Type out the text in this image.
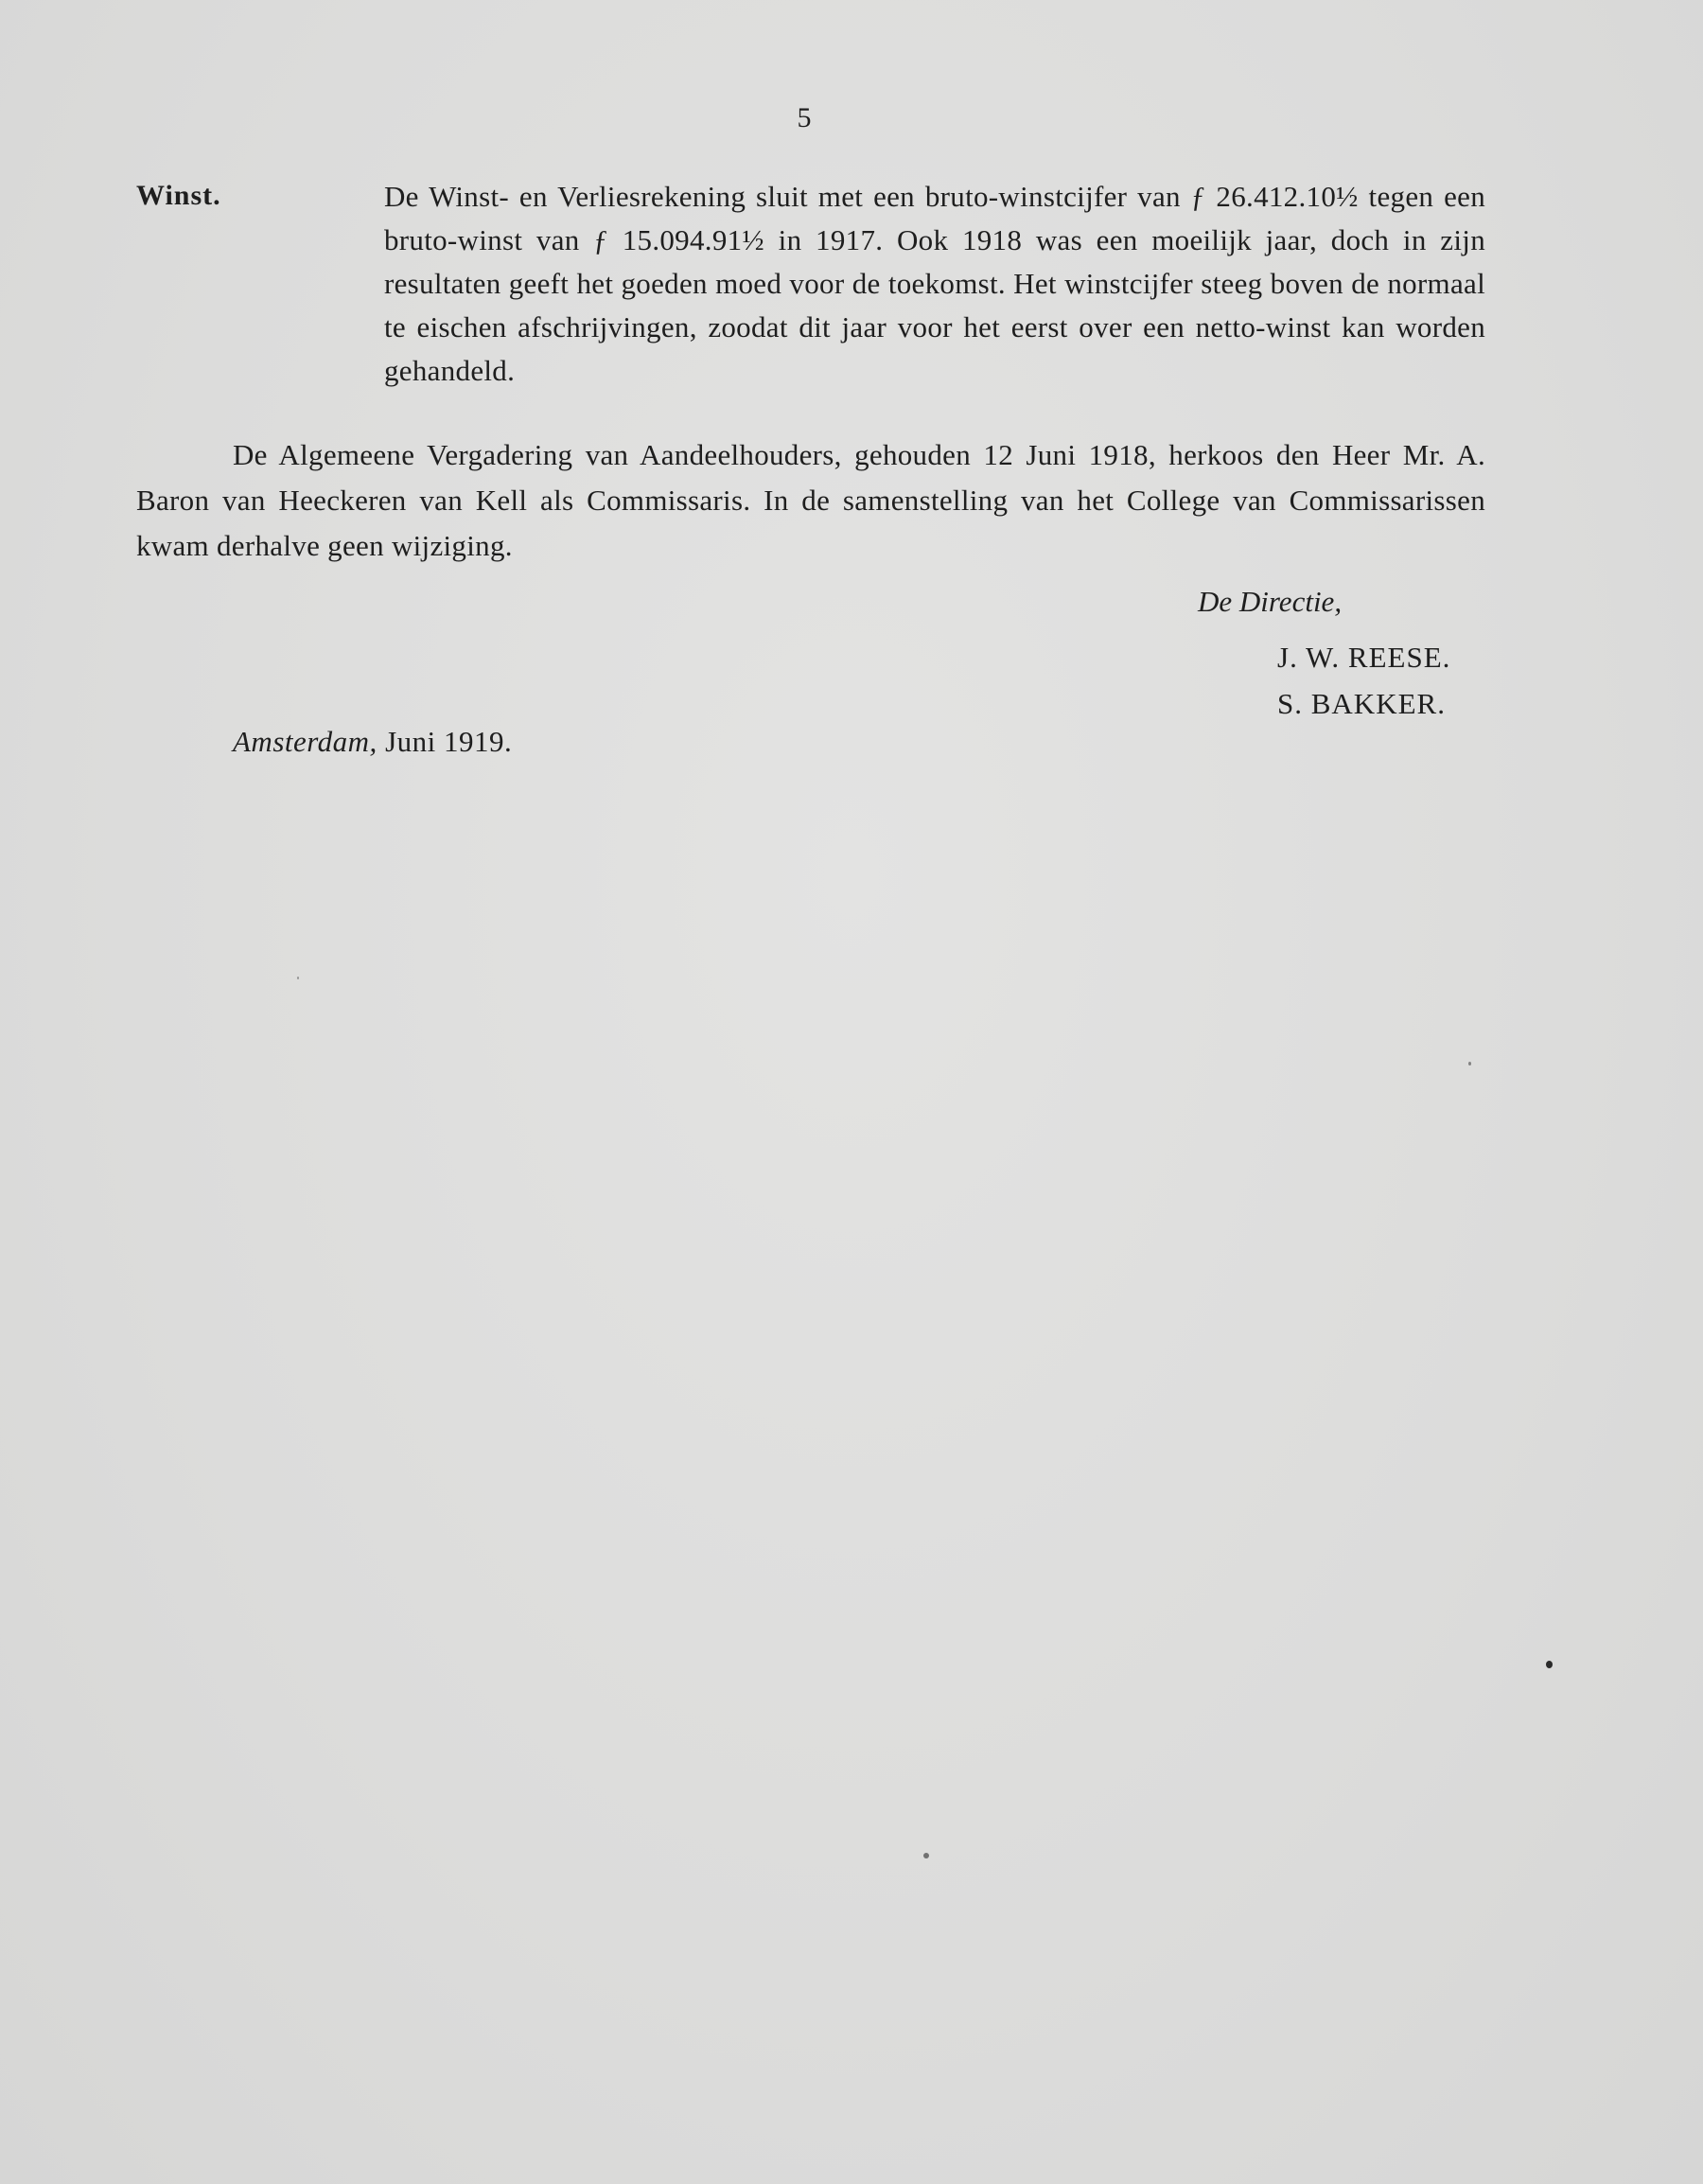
5
Winst.	De Winst- en Verliesrekening sluit met een bruto-winstcijfer van ƒ 26.412.10½ tegen een bruto-winst van ƒ 15.094.91½ in 1917. Ook 1918 was een moeilijk jaar, doch in zijn resultaten geeft het goeden moed voor de toekomst. Het winstcijfer steeg boven de normaal te eischen afschrijvingen, zoodat dit jaar voor het eerst over een netto-winst kan worden gehandeld.
De Algemeene Vergadering van Aandeelhouders, gehouden 12 Juni 1918, herkoos den Heer Mr. A. Baron van Heeckeren van Kell als Commissaris. In de samenstelling van het College van Commissarissen kwam derhalve geen wijziging.
De Directie,
J. W. REESE.
S. BAKKER.
Amsterdam, Juni 1919.
